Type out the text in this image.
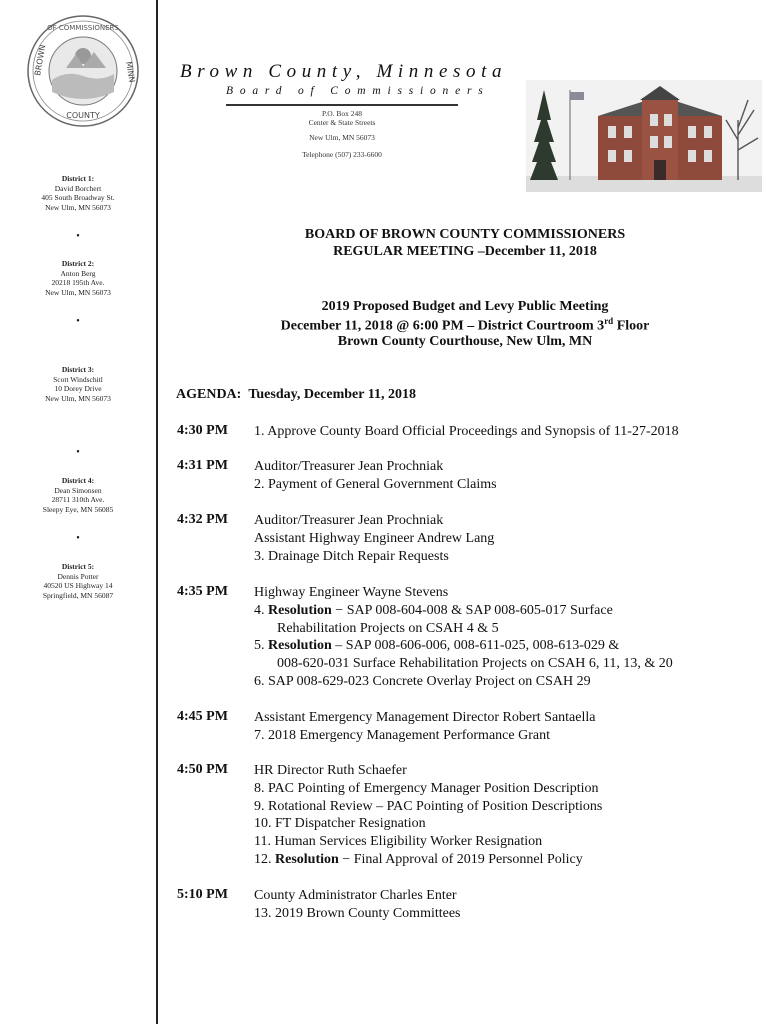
OF COMMISSIONERS
BROWN	MINN
COUNTY
District 1:
David Borchert
405 South Broadway St.
New Ulm, MN 56073
•
District 2:
Anton Berg
20218 195th Ave.
New Ulm, MN 56073
•
District 3:
Scott Windschitl
10 Dorey Drive
New Ulm, MN 56073
•
District 4:
Dean Simonsen
28711 310th Ave.
Sleepy Eye, MN 56085
•
District 5:
Dennis Potter
40520 US Highway 14
Springfield, MN 56087
Brown County, Minnesota
Board of Commissioners
P.O. Box 248
Center & State Streets
New Ulm, MN 56073
Telephone (507) 233-6600
BOARD OF BROWN COUNTY COMMISSIONERS
REGULAR MEETING –December 11, 2018
2019 Proposed Budget and Levy Public Meeting
December 11, 2018 @ 6:00 PM – District Courtroom 3rd Floor
Brown County Courthouse, New Ulm, MN
AGENDA: Tuesday, December 11, 2018
4:30 PM 1. Approve County Board Official Proceedings and Synopsis of 11-27-2018
4:31 PM Auditor/Treasurer Jean Prochniak
2. Payment of General Government Claims
4:32 PM Auditor/Treasurer Jean Prochniak
Assistant Highway Engineer Andrew Lang
3. Drainage Ditch Repair Requests
4:35 PM Highway Engineer Wayne Stevens
4. Resolution − SAP 008-604-008 & SAP 008-605-017 Surface
Rehabilitation Projects on CSAH 4 & 5
5. Resolution – SAP 008-606-006, 008-611-025, 008-613-029 &
008-620-031 Surface Rehabilitation Projects on CSAH 6, 11, 13, & 20
6. SAP 008-629-023 Concrete Overlay Project on CSAH 29
4:45 PM Assistant Emergency Management Director Robert Santaella
7. 2018 Emergency Management Performance Grant
4:50 PM HR Director Ruth Schaefer
8. PAC Pointing of Emergency Manager Position Description
9. Rotational Review – PAC Pointing of Position Descriptions
10. FT Dispatcher Resignation
11. Human Services Eligibility Worker Resignation
12. Resolution − Final Approval of 2019 Personnel Policy
5:10 PM County Administrator Charles Enter
13. 2019 Brown County Committees
